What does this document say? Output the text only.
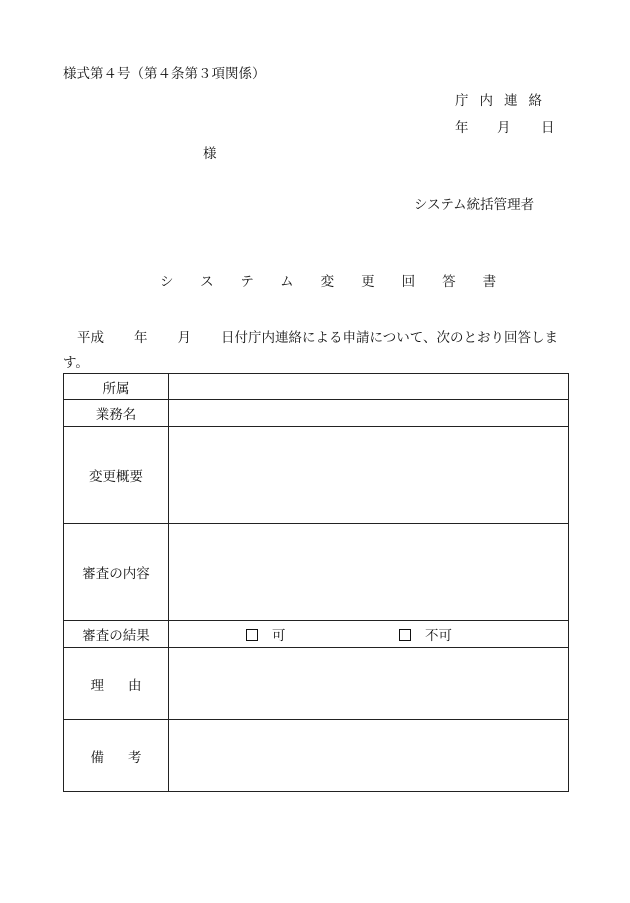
様式第４号（第４条第３項関係）
庁内連絡
年 月 日
様
システム統括管理者
システム変更回答書
平成 年 月 日付庁内連絡による申請について、次のとおり回答しま
す。
所属	
業務名	
変更概要	
審査の内容	
審査の結果	可 不可

理由	
備考	
